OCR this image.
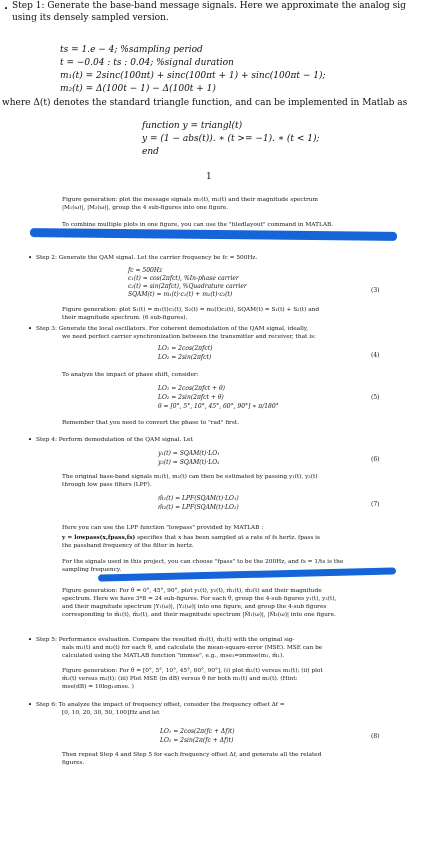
• Step 1: Generate the base-band message signals. Here we approximate the analog sig
using its densely sampled version.
ts = 1.e − 4; %sampling period
t = −0.04 : ts : 0.04; %signal duration
m₁(t) = 2sinc(100πt) + sinc(100πt + 1) + sinc(100πt − 1);
m₂(t) = Δ(100t − 1) − Δ(100t + 1)
where Δ(t) denotes the standard triangle function, and can be implemented in Matlab as
function y = triangl(t)
y = (1 − abs(t)). ∗ (t >= −1). ∗ (t < 1);
end
1
Figure generation: plot the message signals m₁(t), m₂(t) and their magnitude spectrum
|M₁(ω)|, |M₂(ω)|, group the 4 sub-figures into one figure.
To combine multiple plots in one figure, you can use the "tiledlayout" command in MATLAB.
• Step 2: Generate the QAM signal. Let the carrier frequency be fc = 500Hz.
fc = 500Hz
c₁(t) = cos(2πfct), %In-phase carrier
c₂(t) = sin(2πfct), %Quadrature carrier
SQAM(t) = m₁(t)·c₁(t) + m₂(t)·c₂(t)
(3)
Figure generation: plot S₁(t) = m₁(t)c₁(t), S₂(t) = m₂(t)c₂(t), SQAM(t) = S₁(t) + S₂(t) and
their magnitude spectrum. (6 sub-figures).
• Step 3: Generate the local oscillators. For coherent demodulation of the QAM signal, ideally,
we need perfect carrier synchronization between the transmitter and receiver, that is:
LO₁ = 2cos(2πfct)
LO₂ = 2sin(2πfct)	(4)
To analyze the impact of phase shift, consider:
LO₁ = 2cos(2πfct + θ)
LO₂ = 2sin(2πfct + θ)
θ = [0°, 5°, 10°, 45°, 60°, 90°] ∗ π/180°
(5)
Remember that you need to convert the phase to "rad" first.
• Step 4: Perform demodulation of the QAM signal. Let
y₁(t) = SQAM(t)·LO₁
y₂(t) = SQAM(t)·LO₂	(6)
The original base-band signals m₁(t), m₂(t) can then be estimated by passing y₁(t), y₂(t)
through low pass filters (LPF).
m̂₁(t) = LPF(SQAM(t)·LO₁)
m̂₂(t) = LPF(SQAM(t)·LO₂)	(7)
Here you can use the LPF function "lowpass" provided by MATLAB :
y = lowpass(x,fpass,fs) specifies that x has been sampled at a rate of fs hertz. fpass is
the passband frequency of the filter in hertz.
For the signals used in this project, you can choose "fpass" to be the 200Hz, and fs = 1/ts is the
sampling frequency.
Figure generation: For θ = 0°, 45°, 90°, plot y₁(t), y₂(t), m̂₁(t), m̂₂(t) and their magnitude
spectrum. Here we have 3*8 = 24 sub-figures. For each θ, group the 4-sub figures y₁(t), y₂(t),
and their magnitude spectrum |Y₁(ω)|, |Y₂(ω)| into one figure, and group the 4-sub figures
corresponding to m̂₁(t), m̂₂(t), and their magnitude spectrum |M̂₁(ω)|, |M̂₂(ω)| into one figure.
• Step 5: Performance evaluation. Compare the resulted m̂₁(t), m̂₂(t) with the original sig-
nals m₁(t) and m₂(t) for each θ, and calculate the mean-square-error (MSE). MSE can be
calculated using the MATLAB function "immse", e.g., mse₁=immse(m₁, m̂₁).
Figure generation: For θ = [0°, 5°, 10°, 45°, 60°, 90°], (i) plot m̂₁(t) versus m₁(t); (ii) plot
m̂₂(t) versus m₂(t); (iii) Plot MSE (in dB) versus θ for both m₁(t) and m₂(t). (Hint:
mse(dB) = 10log₁₀mse. )
• Step 6: To analyze the impact of frequency offset, consider the frequency offset Δf =
[0, 10, 20, 30, 50, 100]Hz and let
LO₁ = 2cos(2π(fc + Δf)t)
LO₂ = 2sin(2π(fc + Δf)t)
(8)
Then repeat Step 4 and Step 5 for each frequency offset Δf, and generate all the related
figures.
